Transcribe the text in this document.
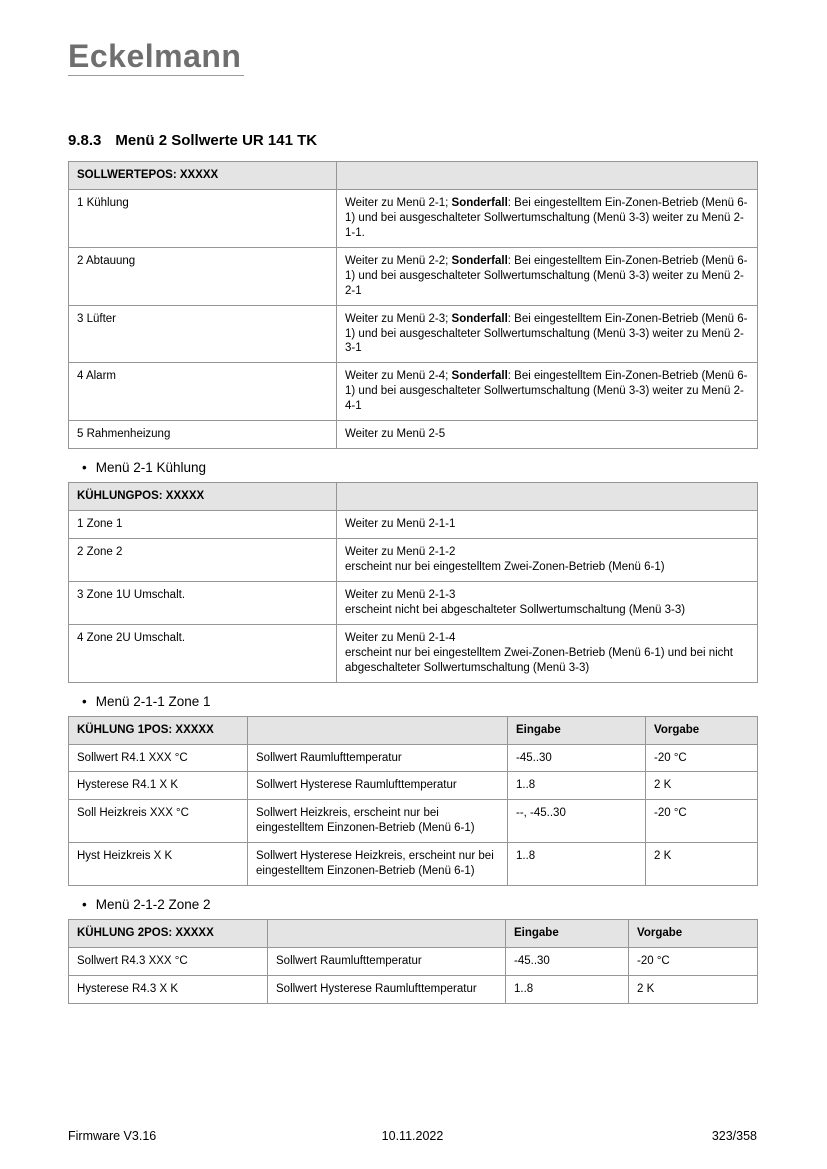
Eckelmann
9.8.3 Menü 2 Sollwerte UR 141 TK
SOLLWERTEPOS: XXXXX	
1 Kühlung	Weiter zu Menü 2-1; Sonderfall: Bei eingestelltem Ein-Zonen-Betrieb (Menü 6-1) und bei ausgeschalteter Sollwertumschaltung (Menü 3-3) weiter zu Menü 2-1-1.
2 Abtauung	Weiter zu Menü 2-2; Sonderfall: Bei eingestelltem Ein-Zonen-Betrieb (Menü 6-1) und bei ausgeschalteter Sollwertumschaltung (Menü 3-3) weiter zu Menü 2-2-1
3 Lüfter	Weiter zu Menü 2-3; Sonderfall: Bei eingestelltem Ein-Zonen-Betrieb (Menü 6-1) und bei ausgeschalteter Sollwertumschaltung (Menü 3-3) weiter zu Menü 2-3-1
4 Alarm	Weiter zu Menü 2-4; Sonderfall: Bei eingestelltem Ein-Zonen-Betrieb (Menü 6-1) und bei ausgeschalteter Sollwertumschaltung (Menü 3-3) weiter zu Menü 2-4-1
5 Rahmenheizung	Weiter zu Menü 2-5
• Menü 2-1 Kühlung
KÜHLUNGPOS: XXXXX	
1 Zone 1	Weiter zu Menü 2-1-1

2 Zone 2	Weiter zu Menü 2-1-2
erscheint nur bei eingestelltem Zwei-Zonen-Betrieb (Menü 6-1)

3 Zone 1U Umschalt.	Weiter zu Menü 2-1-3
erscheint nicht bei abgeschalteter Sollwertumschaltung (Menü 3-3)

4 Zone 2U Umschalt.	Weiter zu Menü 2-1-4
erscheint nur bei eingestelltem Zwei-Zonen-Betrieb (Menü 6-1) und bei nicht abgeschalteter Sollwertumschaltung (Menü 3-3)
• Menü 2-1-1 Zone 1
KÜHLUNG 1POS: XXXXX		Eingabe	Vorgabe
Sollwert R4.1 XXX °C	Sollwert Raumlufttemperatur	-45..30	-20 °C
Hysterese R4.1 X K	Sollwert Hysterese Raumlufttemperatur	1..8	2 K
Soll Heizkreis XXX °C	Sollwert Heizkreis, erscheint nur bei eingestelltem Einzonen-Betrieb (Menü 6-1)	--, -45..30	-20 °C
Hyst Heizkreis X K	Sollwert Hysterese Heizkreis, erscheint nur bei eingestelltem Einzonen-Betrieb (Menü 6-1)	1..8	2 K
• Menü 2-1-2 Zone 2
KÜHLUNG 2POS: XXXXX		Eingabe	Vorgabe
Sollwert R4.3 XXX °C	Sollwert Raumlufttemperatur	-45..30	-20 °C
Hysterese R4.3 X K	Sollwert Hysterese Raumlufttemperatur	1..8	2 K
Firmware V3.16	10.11.2022	323/358
